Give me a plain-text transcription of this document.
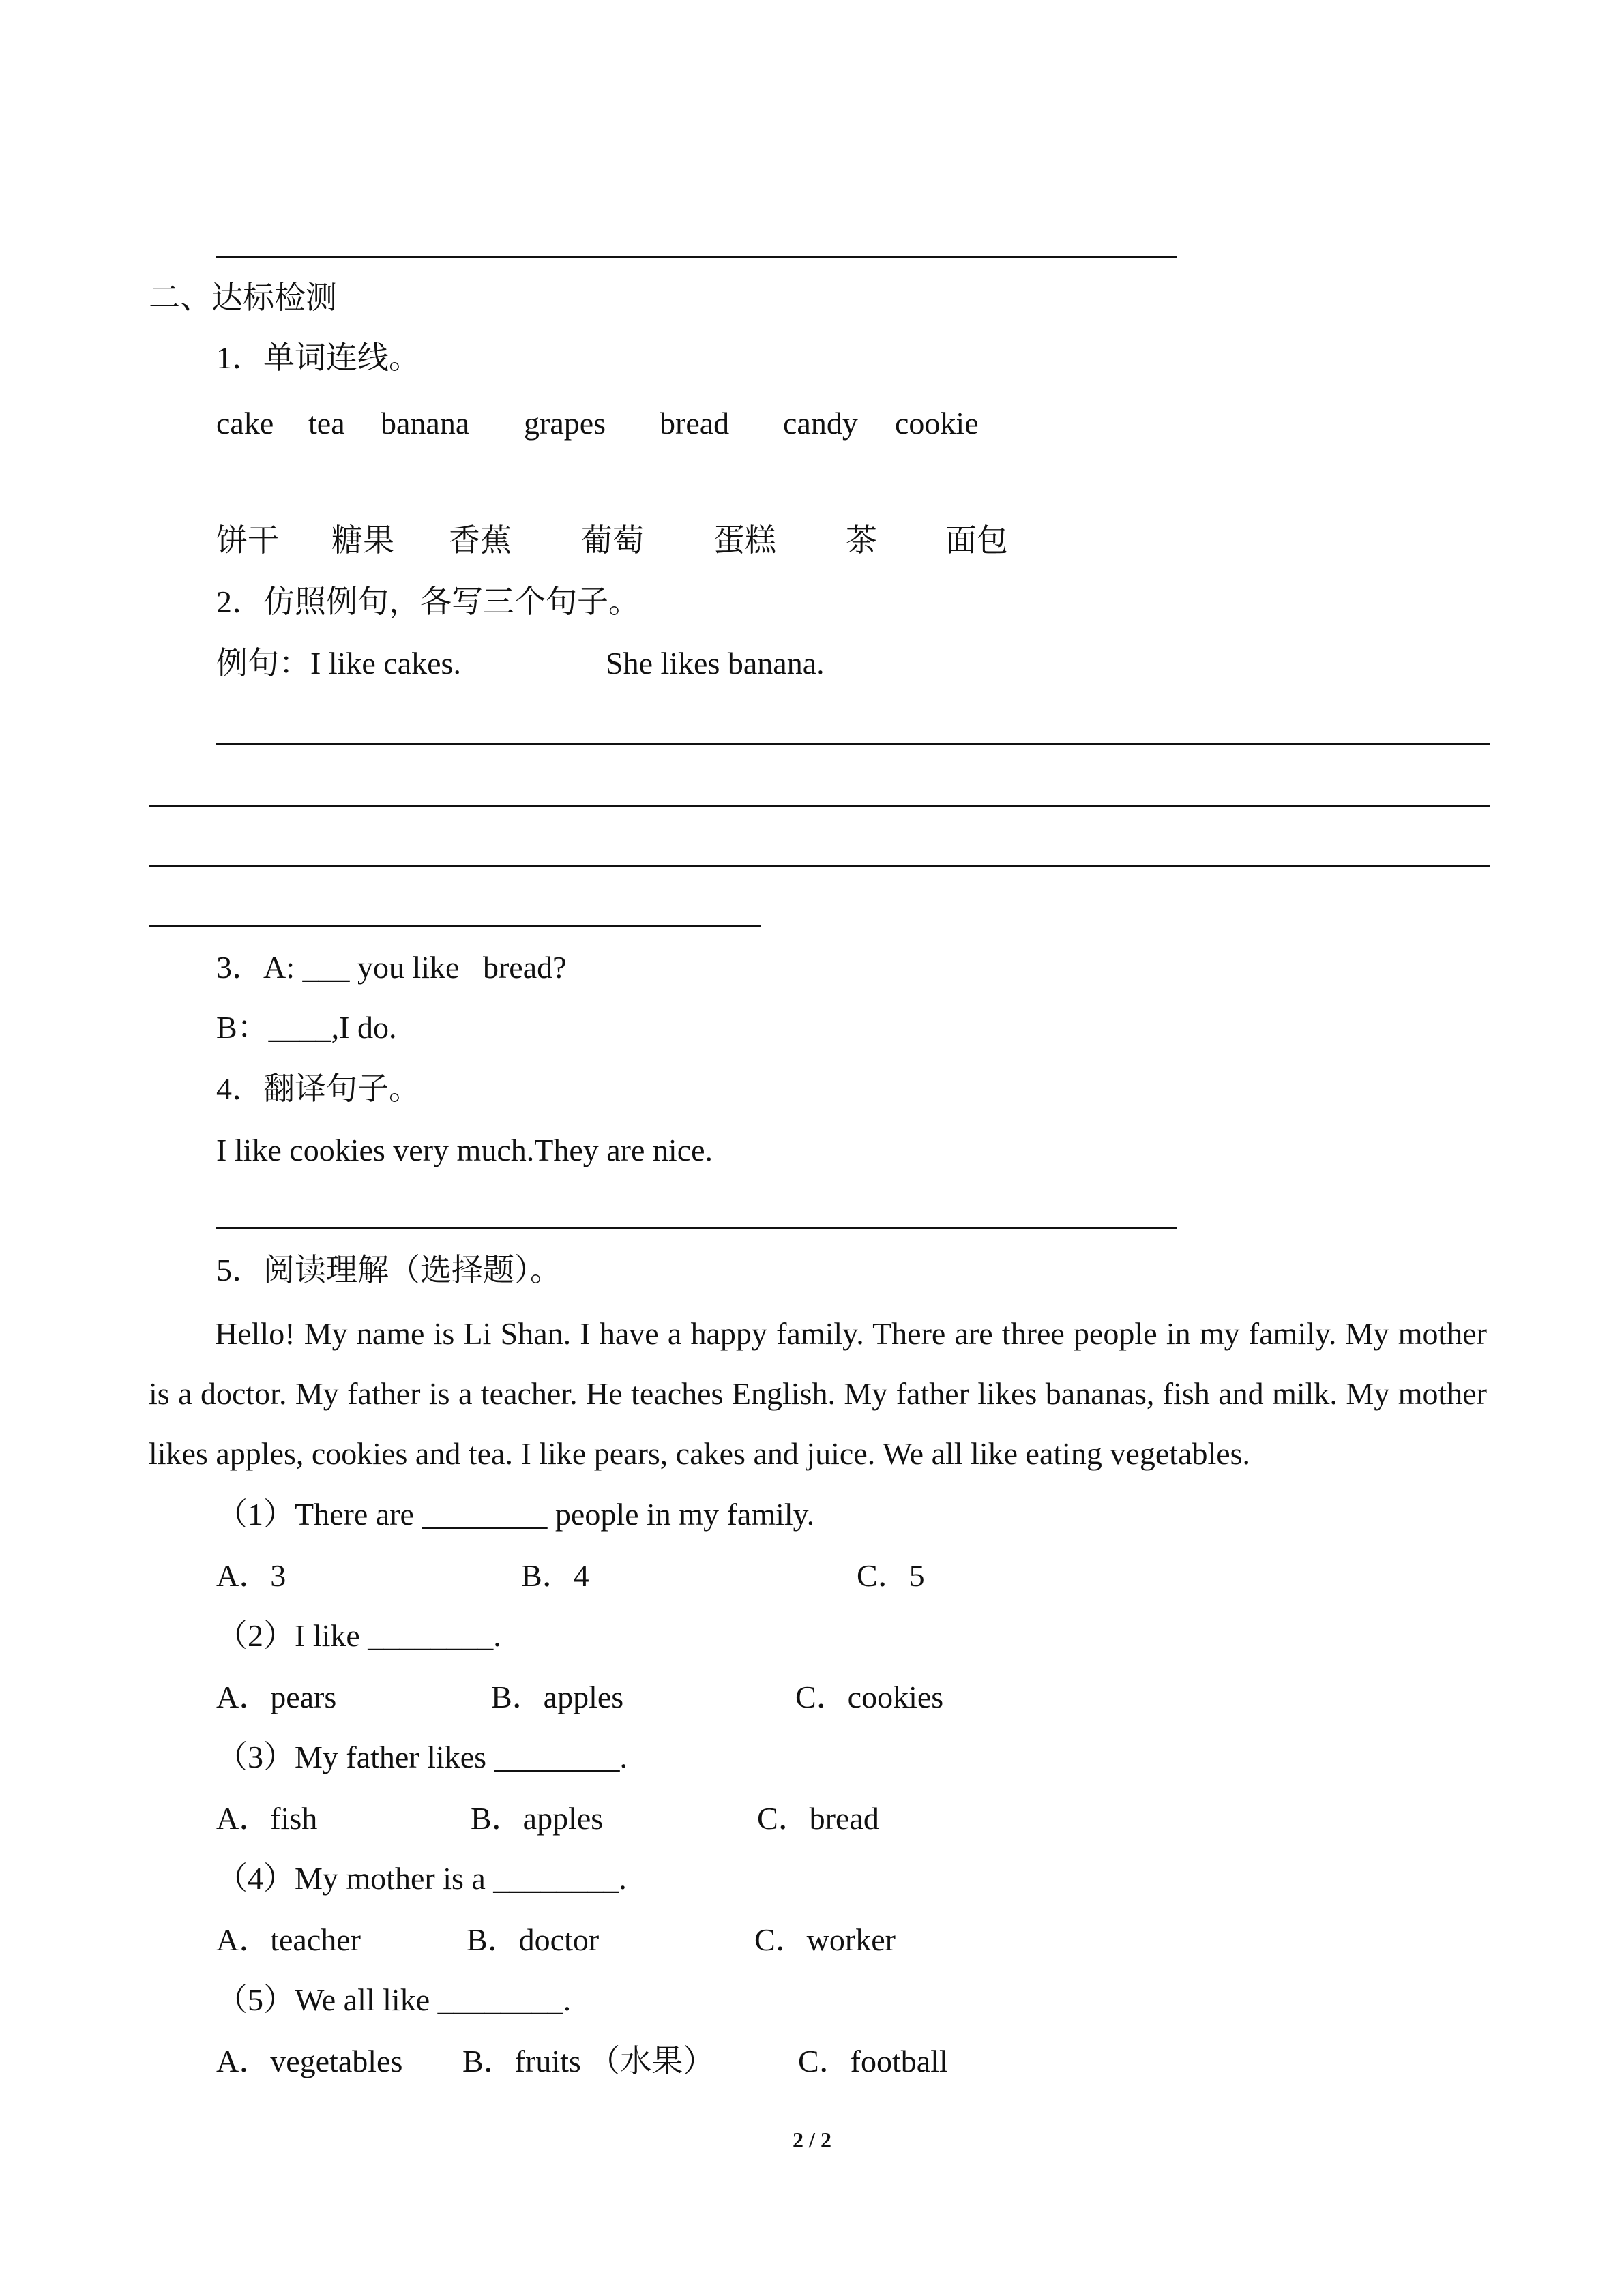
二、达标检测
1．单词连线。
cake tea banana grapes bread candy cookie
饼干 糖果 香蕉 葡萄 蛋糕 茶 面包
2．仿照例句，各写三个句子。
例句：I like cakes.	She likes banana.
3．A: ___ you like   bread?
B：____,I do.
4．翻译句子。
I like cookies very much.They are nice.
5．阅读理解（选择题）。
Hello! My name is Li Shan. I have a happy family. There are three people in my family. My mother is a doctor. My father is a teacher. He teaches English. My father likes bananas, fish and milk. My mother likes apples, cookies and tea. I like pears, cakes and juice. We all like eating vegetables.
（1）There are ________ people in my family.
A．3	B．4	C．5
（2）I like ________.
A．pears	B．apples	C．cookies
（3）My father likes ________.
A．fish	B．apples	C．bread
（4）My mother is a ________.
A．teacher	B．doctor	C．worker
（5）We all like ________.
A．vegetables B．fruits （水果）	C．football
2 / 2
